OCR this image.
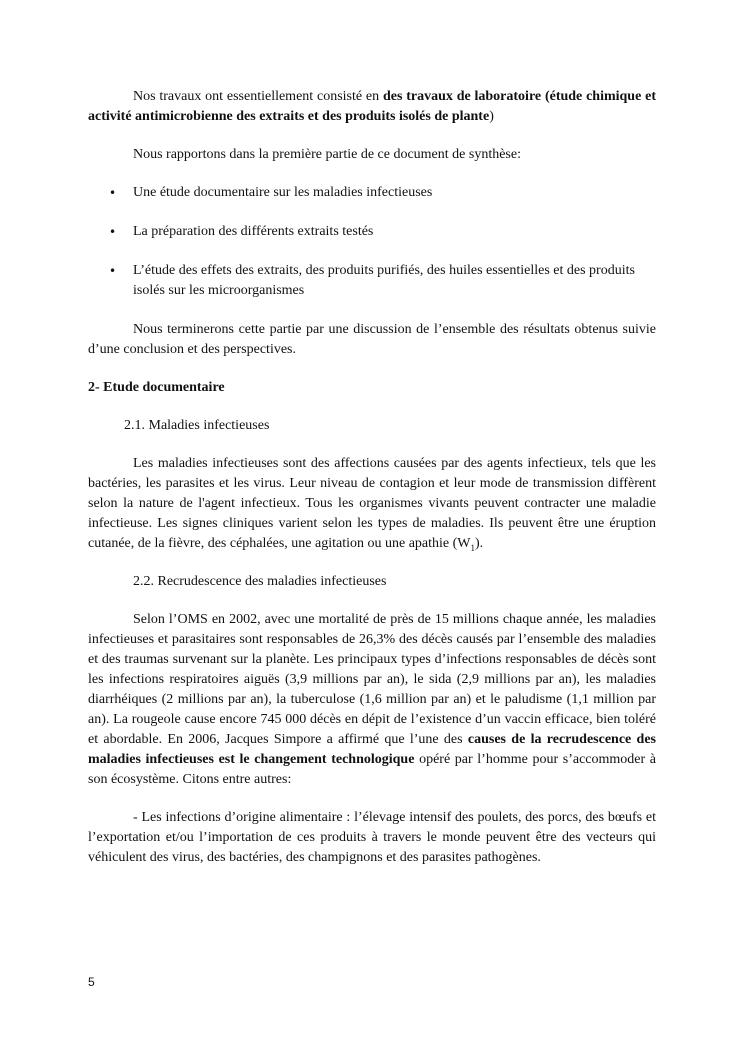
Nos travaux ont essentiellement consisté en des travaux de laboratoire (étude chimique et activité antimicrobienne des extraits et des produits isolés de plante)

Nous rapportons dans la première partie de ce document de synthèse:

• Une étude documentaire sur les maladies infectieuses
• La préparation des différents extraits testés
• L’étude des effets des extraits, des produits purifiés, des huiles essentielles et des produits isolés sur les microorganismes

Nous terminerons cette partie par une discussion de l’ensemble des résultats obtenus suivie d’une conclusion et des perspectives.

2- Etude documentaire

2.1. Maladies infectieuses

Les maladies infectieuses sont des affections causées par des agents infectieux, tels que les bactéries, les parasites et les virus. Leur niveau de contagion et leur mode de transmission diffèrent selon la nature de l'agent infectieux. Tous les organismes vivants peuvent contracter une maladie infectieuse. Les signes cliniques varient selon les types de maladies. Ils peuvent être une éruption cutanée, de la fièvre, des céphalées, une agitation ou une apathie $(W_1)$.

2.2. Recrudescence des maladies infectieuses

Selon l’OMS en 2002, avec une mortalité de près de 15 millions chaque année, les maladies infectieuses et parasitaires sont responsables de 26,3% des décès causés par l’ensemble des maladies et des traumas survenant sur la planète. Les principaux types d’infections responsables de décès sont les infections respiratoires aiguës (3,9 millions par an), le sida (2,9 millions par an), les maladies diarrhéiques (2 millions par an), la tuberculose (1,6 million par an) et le paludisme (1,1 million par an). La rougeole cause encore 745 000 décès en dépit de l’existence d’un vaccin efficace, bien toléré et abordable. En 2006, Jacques Simpore a affirmé que l’une des causes de la recrudescence des maladies infectieuses est le changement technologique opéré par l’homme pour s’accommoder à son écosystème. Citons entre autres:

- Les infections d’origine alimentaire : l’élevage intensif des poulets, des porcs, des bœufs et l’exportation et/ou l’importation de ces produits à travers le monde peuvent être des vecteurs qui véhiculent des virus, des bactéries, des champignons et des parasites pathogènes.

5
